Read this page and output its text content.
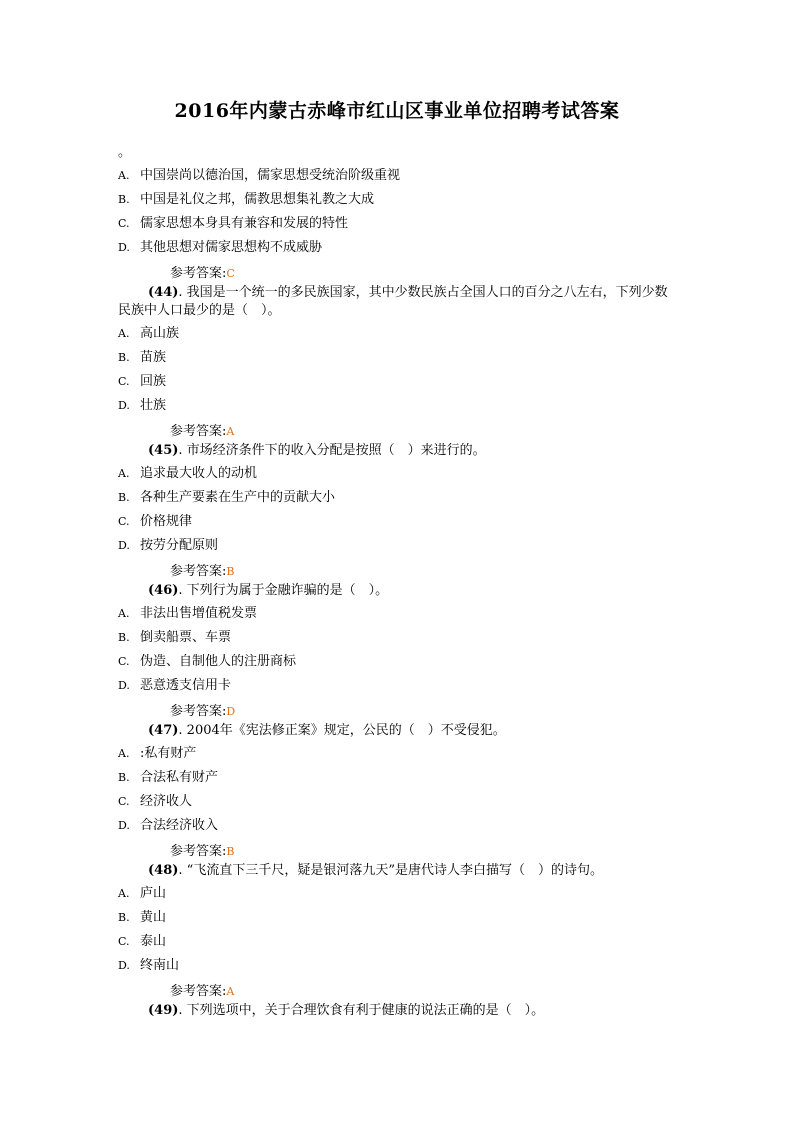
2016年内蒙古赤峰市红山区事业单位招聘考试答案
。
A. 中国崇尚以德治国，儒家思想受统治阶级重视
B. 中国是礼仪之邦，儒教思想集礼教之大成
C. 儒家思想本身具有兼容和发展的特性
D. 其他思想对儒家思想构不成威胁
参考答案:C
(44). 我国是一个统一的多民族国家，其中少数民族占全国人口的百分之八左右，下列少数民族中人口最少的是（　）。
A. 高山族
B. 苗族
C. 回族
D. 壮族
参考答案:A
(45). 市场经济条件下的收入分配是按照（　）来进行的。
A. 追求最大收人的动机
B. 各种生产要素在生产中的贡献大小
C. 价格规律
D. 按劳分配原则
参考答案:B
(46). 下列行为属于金融诈骗的是（　）。
A. 非法出售增值税发票
B. 倒卖船票、车票
C. 伪造、自制他人的注册商标
D. 恶意透支信用卡
参考答案:D
(47). 2004年《宪法修正案》规定，公民的（　）不受侵犯。
A. :私有财产
B. 合法私有财产
C. 经济收人
D. 合法经济收入
参考答案:B
(48). “飞流直下三千尺，疑是银河落九天”是唐代诗人李白描写（　）的诗句。
A. 庐山
B. 黄山
C. 泰山
D. 终南山
参考答案:A
(49). 下列选项中，关于合理饮食有利于健康的说法正确的是（　）。
